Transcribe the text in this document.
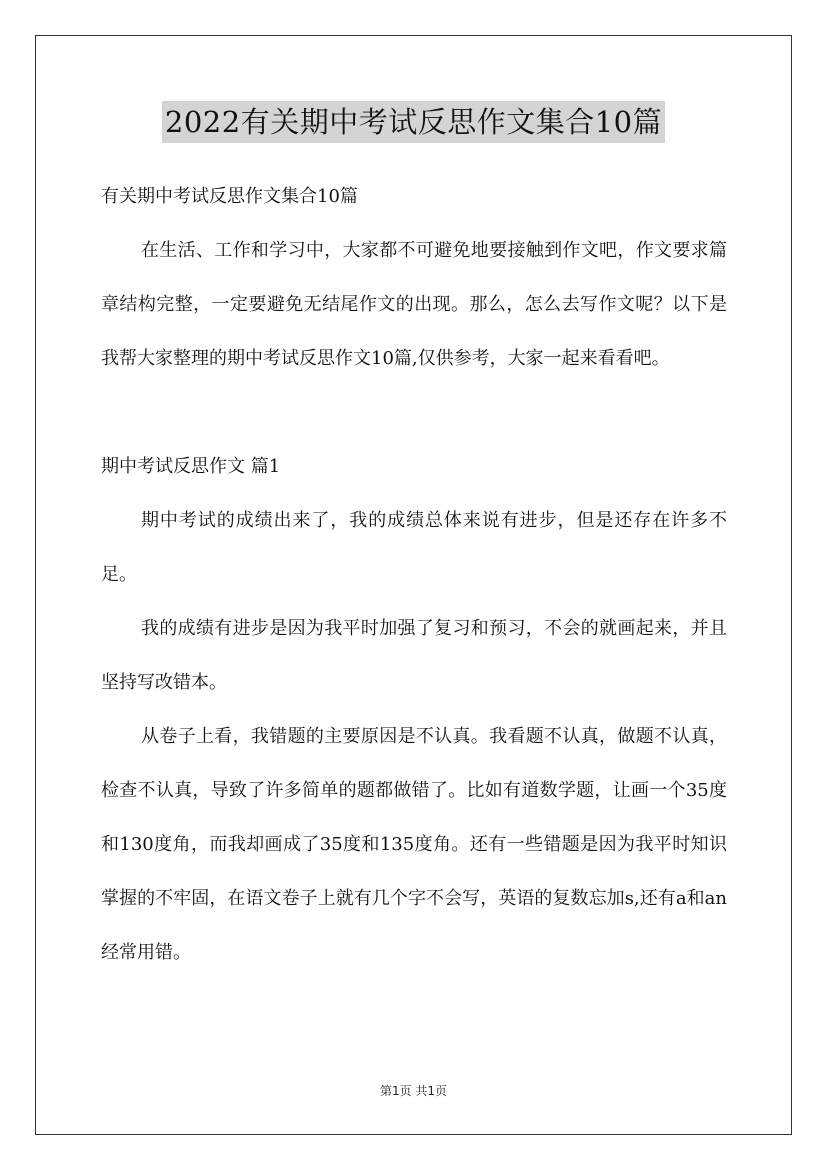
2022有关期中考试反思作文集合10篇

有关期中考试反思作文集合10篇

在生活、工作和学习中，大家都不可避免地要接触到作文吧，作文要求篇章结构完整，一定要避免无结尾作文的出现。那么，怎么去写作文呢？以下是我帮大家整理的期中考试反思作文10篇,仅供参考，大家一起来看看吧。

期中考试反思作文 篇1

期中考试的成绩出来了，我的成绩总体来说有进步，但是还存在许多不足。

我的成绩有进步是因为我平时加强了复习和预习，不会的就画起来，并且坚持写改错本。

从卷子上看，我错题的主要原因是不认真。我看题不认真，做题不认真，检查不认真，导致了许多简单的题都做错了。比如有道数学题，让画一个35度和130度角，而我却画成了35度和135度角。还有一些错题是因为我平时知识掌握的不牢固，在语文卷子上就有几个字不会写，英语的复数忘加s,还有a和an经常用错。

第1页 共1页
